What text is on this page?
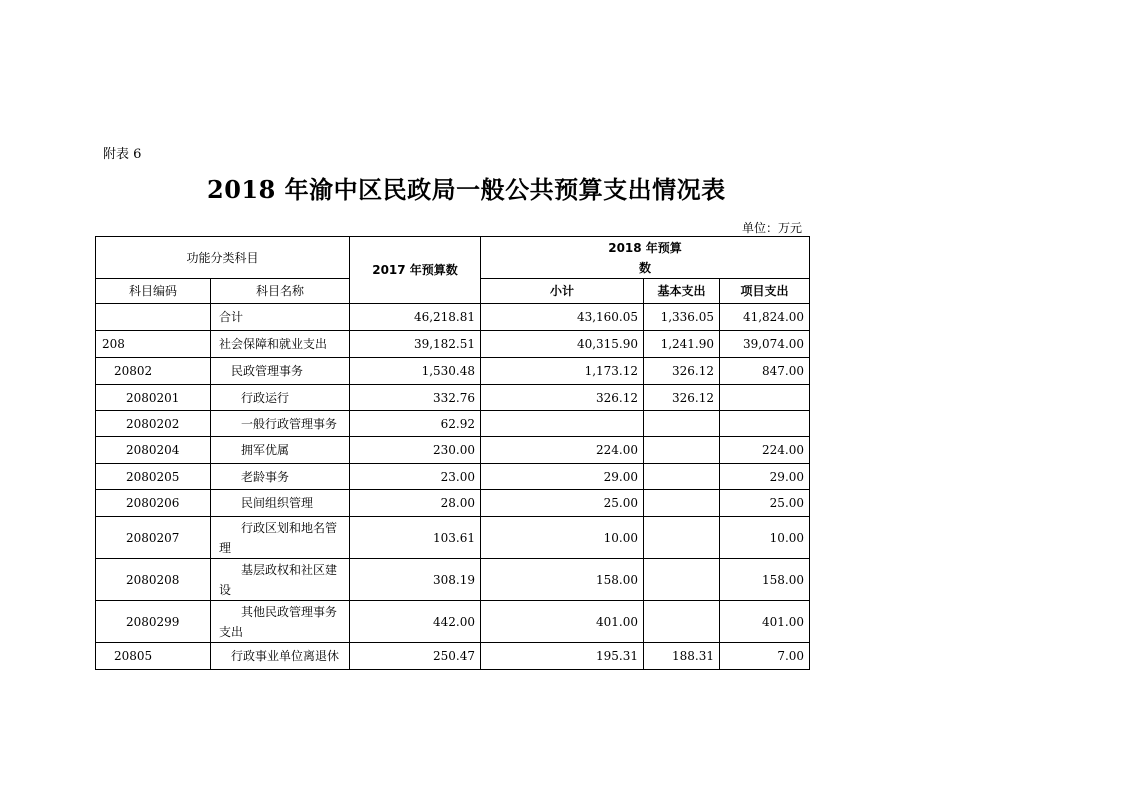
附表 6
2018 年渝中区民政局一般公共预算支出情况表
单位：万元
功能分类科目		2017 年预算数	2018 年预算
数		

科目编码	科目名称		小计	基本支出	项目支出
	合计	46,218.81	43,160.05	1,336.05	41,824.00
208	社会保障和就业支出	39,182.51	40,315.90	1,241.90	39,074.00
20802	民政管理事务	1,530.48	1,173.12	326.12	847.00
2080201	行政运行	332.76	326.12	326.12	
2080202	一般行政管理事务	62.92			
2080204	拥军优属	230.00	224.00		224.00
2080205	老龄事务	23.00	29.00		29.00
2080206	民间组织管理	28.00	25.00		25.00
2080207	行政区划和地名管理	103.61	10.00		10.00
2080208	基层政权和社区建设	308.19	158.00		158.00
2080299	其他民政管理事务支出	442.00	401.00		401.00
20805	行政事业单位离退休	250.47	195.31	188.31	7.00
